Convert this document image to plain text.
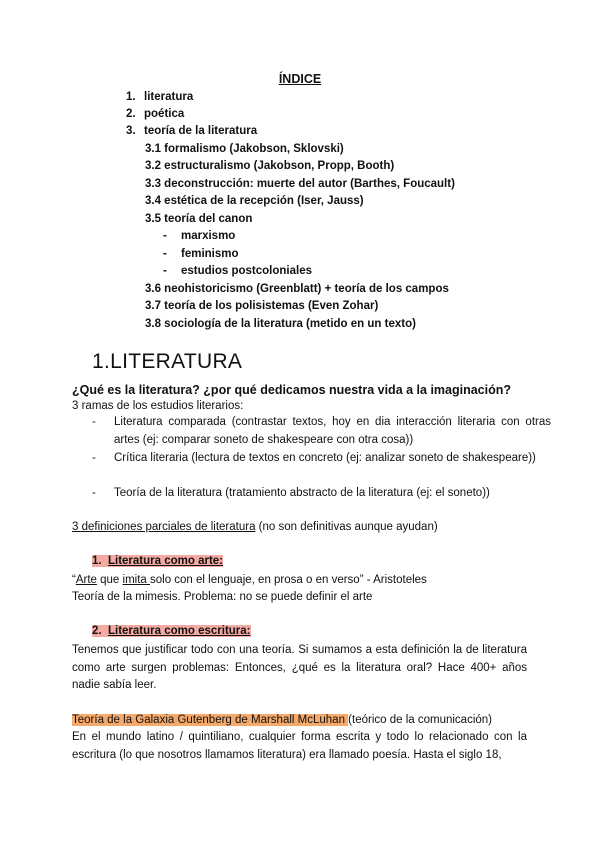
ÍNDICE
1. literatura
2. poética
3. teoría de la literatura
3.1 formalismo (Jakobson, Sklovski)
3.2 estructuralismo (Jakobson, Propp, Booth)
3.3 deconstrucción: muerte del autor (Barthes, Foucault)
3.4 estética de la recepción (Iser, Jauss)
3.5 teoría del canon
- marxismo
- feminismo
- estudios postcoloniales
3.6 neohistoricismo (Greenblatt) + teoría de los campos
3.7 teoría de los polisistemas (Even Zohar)
3.8 sociología de la literatura (metido en un texto)
1.LITERATURA
¿Qué es la literatura? ¿por qué dedicamos nuestra vida a la imaginación?
3 ramas de los estudios literarios:
- Literatura comparada (contrastar textos, hoy en dia interacción literaria con otras artes (ej: comparar soneto de shakespeare con otra cosa))
- Crítica literaria (lectura de textos en concreto (ej: analizar soneto de shakespeare))
- Teoría de la literatura (tratamiento abstracto de la literatura (ej: el soneto))
3 definiciones parciales de literatura (no son definitivas aunque ayudan)
1. Literatura como arte:
“Arte que imita solo con el lenguaje, en prosa o en verso” - Aristoteles
Teoría de la mimesis. Problema: no se puede definir el arte
2. Literatura como escritura:
Tenemos que justificar todo con una teoría. Si sumamos a esta definición la de literatura como arte surgen problemas: Entonces, ¿qué es la literatura oral? Hace 400+ años nadie sabía leer.
Teoría de la Galaxia Gutenberg de Marshall McLuhan (teórico de la comunicación)
En el mundo latino / quintiliano, cualquier forma escrita y todo lo relacionado con la escritura (lo que nosotros llamamos literatura) era llamado poesía. Hasta el siglo 18,
